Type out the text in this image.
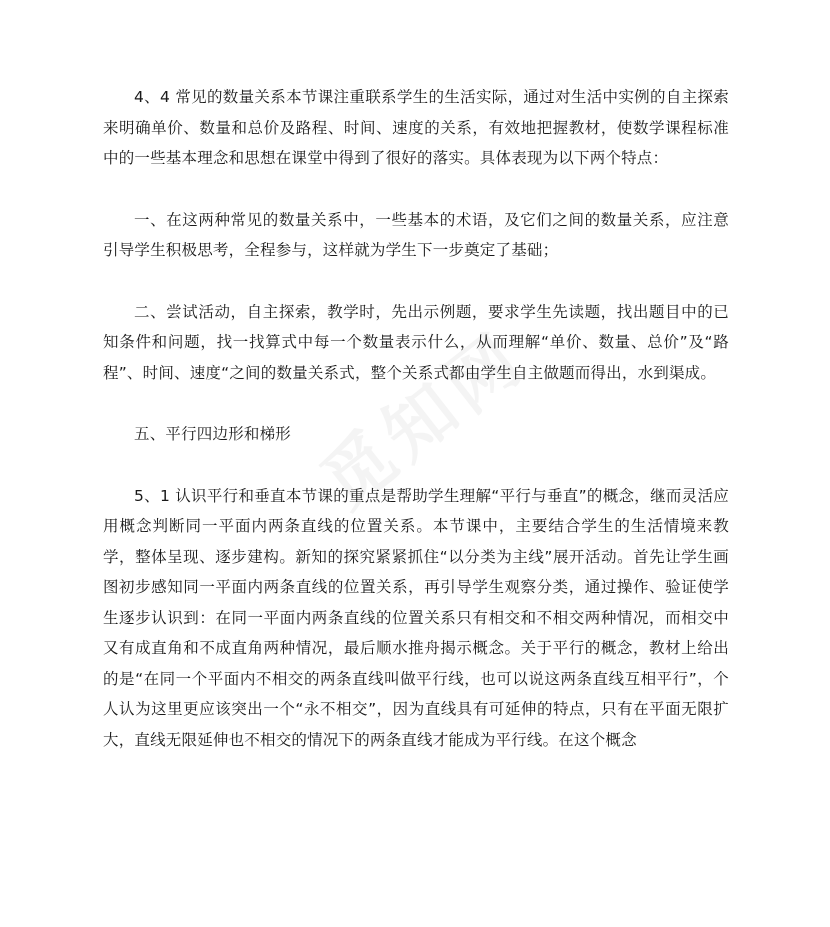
4、4 常见的数量关系本节课注重联系学生的生活实际，通过对生活中实例的自主探索来明确单价、数量和总价及路程、时间、速度的关系，有效地把握教材，使数学课程标准中的一些基本理念和思想在课堂中得到了很好的落实。具体表现为以下两个特点：

一、在这两种常见的数量关系中，一些基本的术语，及它们之间的数量关系，应注意引导学生积极思考，全程参与，这样就为学生下一步奠定了基础；

二、尝试活动，自主探索，教学时，先出示例题，要求学生先读题，找出题目中的已知条件和问题，找一找算式中每一个数量表示什么，从而理解“单价、数量、总价”及“路程”、时间、速度“之间的数量关系式，整个关系式都由学生自主做题而得出，水到渠成。

五、平行四边形和梯形

5、1 认识平行和垂直本节课的重点是帮助学生理解“平行与垂直”的概念，继而灵活应用概念判断同一平面内两条直线的位置关系。本节课中，主要结合学生的生活情境来教学，整体呈现、逐步建构。新知的探究紧紧抓住“以分类为主线”展开活动。首先让学生画图初步感知同一平面内两条直线的位置关系，再引导学生观察分类，通过操作、验证使学生逐步认识到：在同一平面内两条直线的位置关系只有相交和不相交两种情况，而相交中又有成直角和不成直角两种情况，最后顺水推舟揭示概念。关于平行的概念，教材上给出的是“在同一个平面内不相交的两条直线叫做平行线，也可以说这两条直线互相平行”，个人认为这里更应该突出一个“永不相交”，因为直线具有可延伸的特点，只有在平面无限扩大，直线无限延伸也不相交的情况下的两条直线才能成为平行线。在这个概念
